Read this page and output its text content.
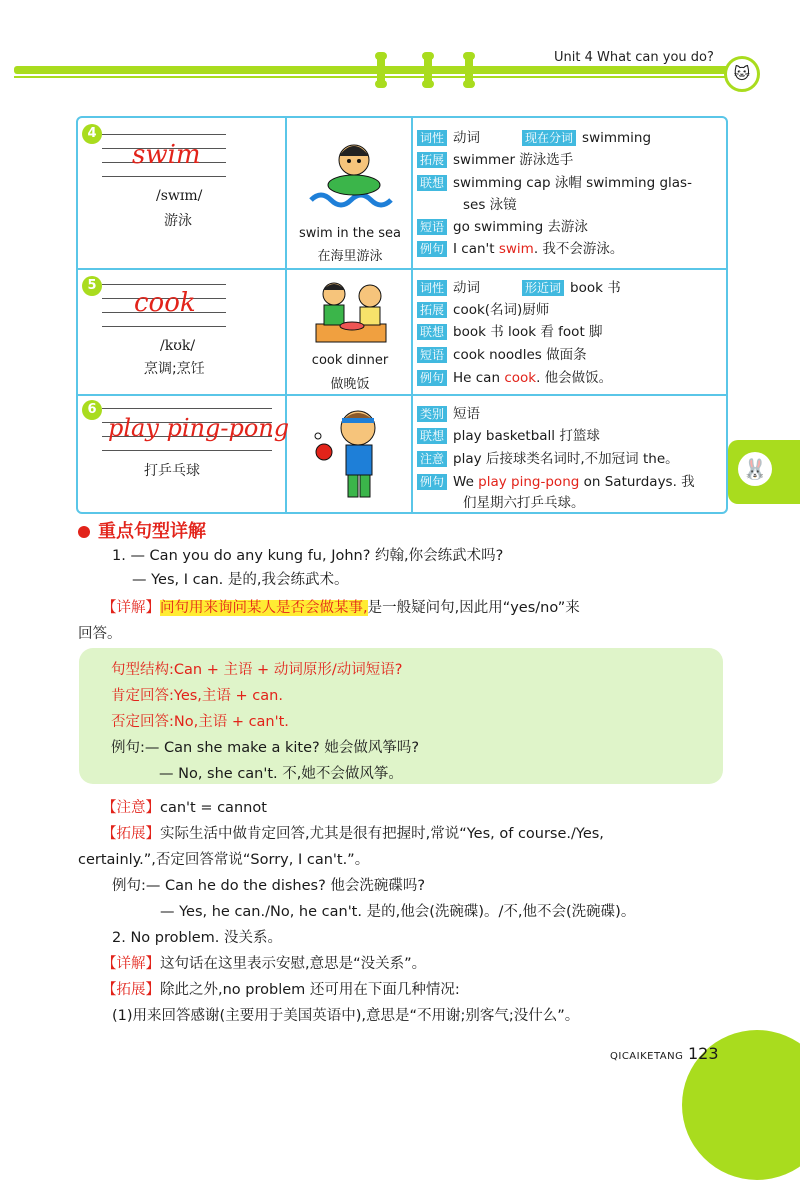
Unit 4 What can you do?
🐱
4
swim
/swɪm/
游泳
swim in the sea
在海里游泳
词性 动词	现在分词 swimming
拓展 swimmer 游泳选手
联想 swimming cap 泳帽 swimming glas-
ses 泳镜
短语 go swimming 去游泳
例句 I can't swim. 我不会游泳。
5
cook
/kʊk/
烹调;烹饪
cook dinner
做晚饭
词性 动词	形近词 book 书
拓展 cook(名词)厨师
联想 book 书 look 看 foot 脚
短语 cook noodles 做面条
例句 He can cook. 他会做饭。
6
play ping-pong
打乒乓球
类别 短语
联想 play basketball 打篮球
注意 play 后接球类名词时,不加冠词 the。
例句 We play ping-pong on Saturdays. 我
们星期六打乒乓球。
🐰
重点句型详解
1. — Can you do any kung fu, John? 约翰,你会练武术吗?
— Yes, I can. 是的,我会练武术。
【详解】问句用来询问某人是否会做某事,是一般疑问句,因此用“yes/no”来
回答。
句型结构:Can + 主语 + 动词原形/动词短语?
肯定回答:Yes,主语 + can.
否定回答:No,主语 + can't.
例句:— Can she make a kite? 她会做风筝吗?
— No, she can't. 不,她不会做风筝。
【注意】can't = cannot
【拓展】实际生活中做肯定回答,尤其是很有把握时,常说“Yes, of course./Yes,
certainly.”,否定回答常说“Sorry, I can't.”。
例句:— Can he do the dishes? 他会洗碗碟吗?
— Yes, he can./No, he can't. 是的,他会(洗碗碟)。/不,他不会(洗碗碟)。
2. No problem. 没关系。
【详解】这句话在这里表示安慰,意思是“没关系”。
【拓展】除此之外,no problem 还可用在下面几种情况:
(1)用来回答感谢(主要用于美国英语中),意思是“不用谢;别客气;没什么”。
QICAIKETANG 123
